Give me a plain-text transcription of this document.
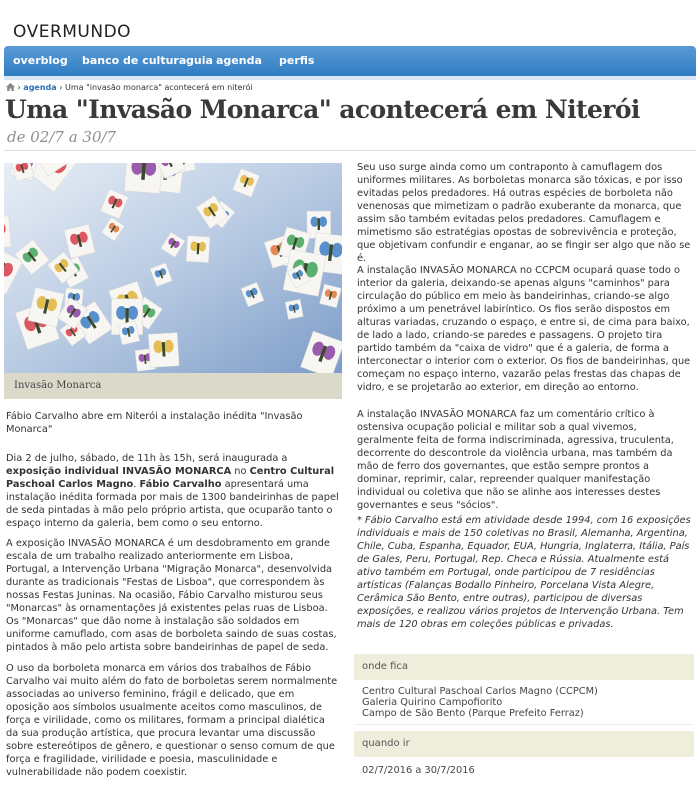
OVERMUNDO
overblog banco de cultura guia agenda perfis
› agenda › Uma "invasão monarca" acontecerá em niterói
Uma "Invasão Monarca" acontecerá em Niterói
de 02/7 a 30/7
Invasão Monarca
Fábio Carvalho abre em Niterói a instalação inédita "Invasão Monarca"
Dia 2 de julho, sábado, de 11h às 15h, será inaugurada a exposição individual INVASÃO MONARCA no Centro Cultural Paschoal Carlos Magno. Fábio Carvalho apresentará uma instalação inédita formada por mais de 1300 bandeirinhas de papel de seda pintadas à mão pelo próprio artista, que ocuparão tanto o espaço interno da galeria, bem como o seu entorno.
A exposição INVASÃO MONARCA é um desdobramento em grande escala de um trabalho realizado anteriormente em Lisboa, Portugal, a Intervenção Urbana "Migração Monarca", desenvolvida durante as tradicionais "Festas de Lisboa", que correspondem às nossas Festas Juninas. Na ocasião, Fábio Carvalho misturou seus "Monarcas" às ornamentações já existentes pelas ruas de Lisboa. Os "Monarcas" que dão nome à instalação são soldados em uniforme camuflado, com asas de borboleta saindo de suas costas, pintados à mão pelo artista sobre bandeirinhas de papel de seda.
O uso da borboleta monarca em vários dos trabalhos de Fábio Carvalho vai muito além do fato de borboletas serem normalmente associadas ao universo feminino, frágil e delicado, que em oposição aos símbolos usualmente aceitos como masculinos, de força e virilidade, como os militares, formam a principal dialética da sua produção artística, que procura levantar uma discussão sobre estereótipos de gênero, e questionar o senso comum de que força e fragilidade, virilidade e poesia, masculinidade e vulnerabilidade não podem coexistir.
Seu uso surge ainda como um contraponto à camuflagem dos uniformes militares. As borboletas monarca são tóxicas, e por isso evitadas pelos predadores. Há outras espécies de borboleta não venenosas que mimetizam o padrão exuberante da monarca, que assim são também evitadas pelos predadores. Camuflagem e mimetismo são estratégias opostas de sobrevivência e proteção, que objetivam confundir e enganar, ao se fingir ser algo que não se é.
A instalação INVASÃO MONARCA no CCPCM ocupará quase todo o interior da galeria, deixando-se apenas alguns "caminhos" para circulação do público em meio às bandeirinhas, criando-se algo próximo a um penetrável labiríntico. Os fios serão dispostos em alturas variadas, cruzando o espaço, e entre si, de cima para baixo, de lado a lado, criando-se paredes e passagens. O projeto tira partido também da "caixa de vidro" que é a galeria, de forma a interconectar o interior com o exterior. Os fios de bandeirinhas, que começam no espaço interno, vazarão pelas frestas das chapas de vidro, e se projetarão ao exterior, em direção ao entorno.
A instalação INVASÃO MONARCA faz um comentário crítico à ostensiva ocupação policial e militar sob a qual vivemos, geralmente feita de forma indiscriminada, agressiva, truculenta, decorrente do descontrole da violência urbana, mas também da mão de ferro dos governantes, que estão sempre prontos a dominar, reprimir, calar, repreender qualquer manifestação individual ou coletiva que não se alinhe aos interesses destes governantes e seus "sócios".
* Fábio Carvalho está em atividade desde 1994, com 16 exposições individuais e mais de 150 coletivas no Brasil, Alemanha, Argentina, Chile, Cuba, Espanha, Equador, EUA, Hungria, Inglaterra, Itália, País de Gales, Peru, Portugal, Rep. Checa e Rússia. Atualmente está ativo também em Portugal, onde participou de 7 residências artísticas (Falanças Bodallo Pinheiro, Porcelana Vista Alegre, Cerâmica São Bento, entre outras), participou de diversas exposições, e realizou vários projetos de Intervenção Urbana. Tem mais de 120 obras em coleções públicas e privadas.
onde fica
Centro Cultural Paschoal Carlos Magno (CCPCM)
Galeria Quirino Campofiorito
Campo de São Bento (Parque Prefeito Ferraz)
quando ir
02/7/2016 a 30/7/2016
